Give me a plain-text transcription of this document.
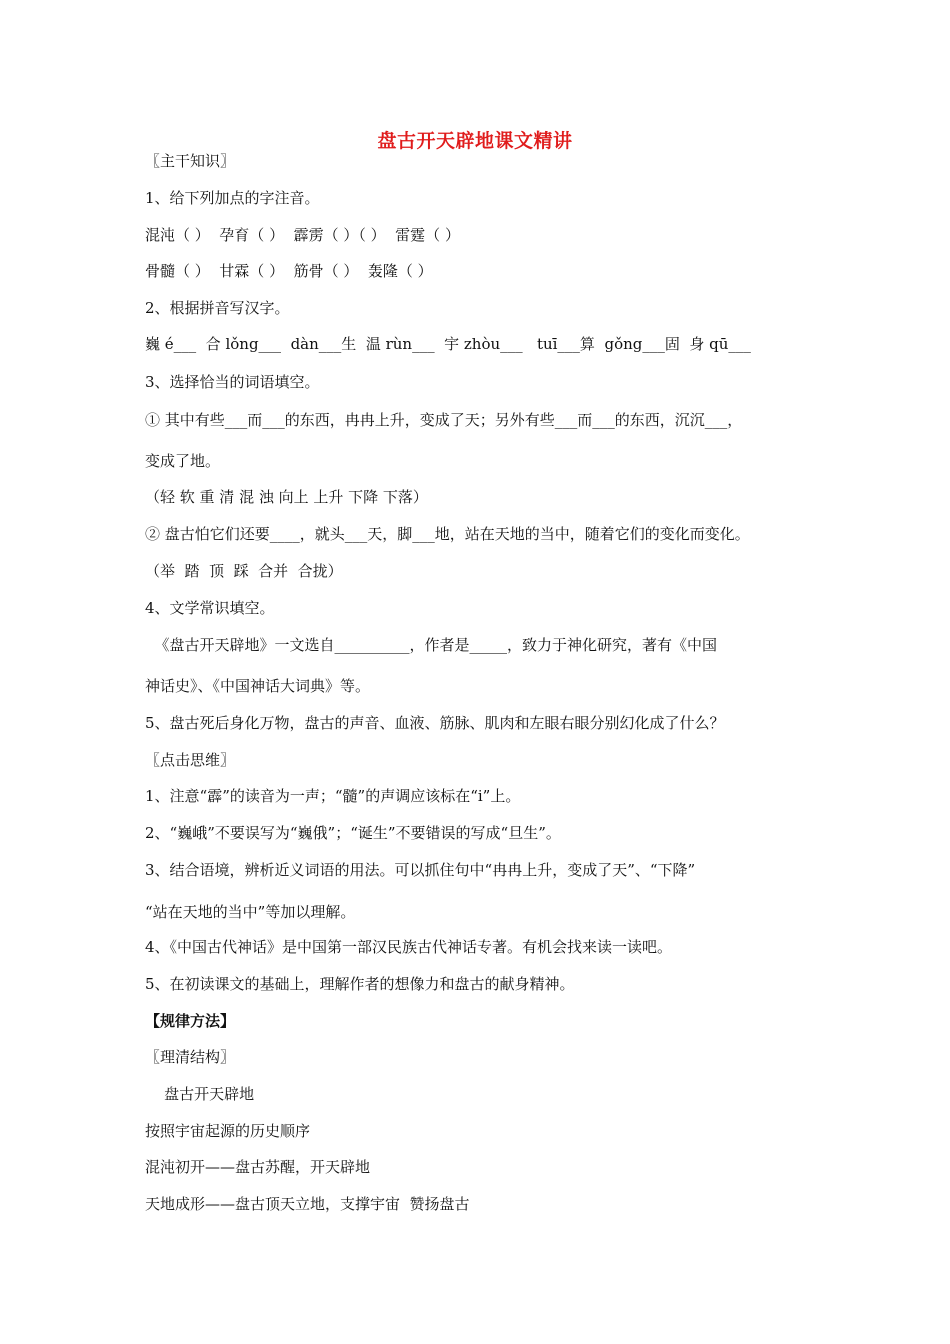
盘古开天辟地课文精讲

〖主干知识〗

1、给下列加点的字注音。

混沌（ ）  孕育（ ）  霹雳（ ）（ ）  雷霆（ ）

骨髓（ ）  甘霖（ ）  筋骨（ ）  轰隆（ ）

2、根据拼音写汉字。

巍 é___  合 lǒng___  dàn___生  温 rùn___  宇 zhòu___   tuī___算  gǒng___固  身 qū___

3、选择恰当的词语填空。

① 其中有些___而___的东西，冉冉上升，变成了天；另外有些___而___的东西，沉沉___，

变成了地。

（轻 软 重 清 混 浊 向上 上升 下降 下落）

② 盘古怕它们还要____，就头___天，脚___地，站在天地的当中，随着它们的变化而变化。

（举  踏  顶  踩  合并  合拢）

4、文学常识填空。

《盘古开天辟地》一文选自__________，作者是_____，致力于神化研究，著有《中国

神话史》、《中国神话大词典》等。

5、盘古死后身化万物，盘古的声音、血液、筋脉、肌肉和左眼右眼分别幻化成了什么？

〖点击思维〗

1、注意“霹”的读音为一声；“髓”的声调应该标在“i”上。

2、“巍峨”不要误写为“巍俄”；“诞生”不要错误的写成“旦生”。

3、结合语境，辨析近义词语的用法。可以抓住句中“冉冉上升，变成了天”、“下降”

“站在天地的当中”等加以理解。

4、《中国古代神话》是中国第一部汉民族古代神话专著。有机会找来读一读吧。

5、在初读课文的基础上，理解作者的想像力和盘古的献身精神。

【规律方法】

〖理清结构〗

盘古开天辟地

按照宇宙起源的历史顺序

混沌初开——盘古苏醒，开天辟地

天地成形——盘古顶天立地，支撑宇宙  赞扬盘古
